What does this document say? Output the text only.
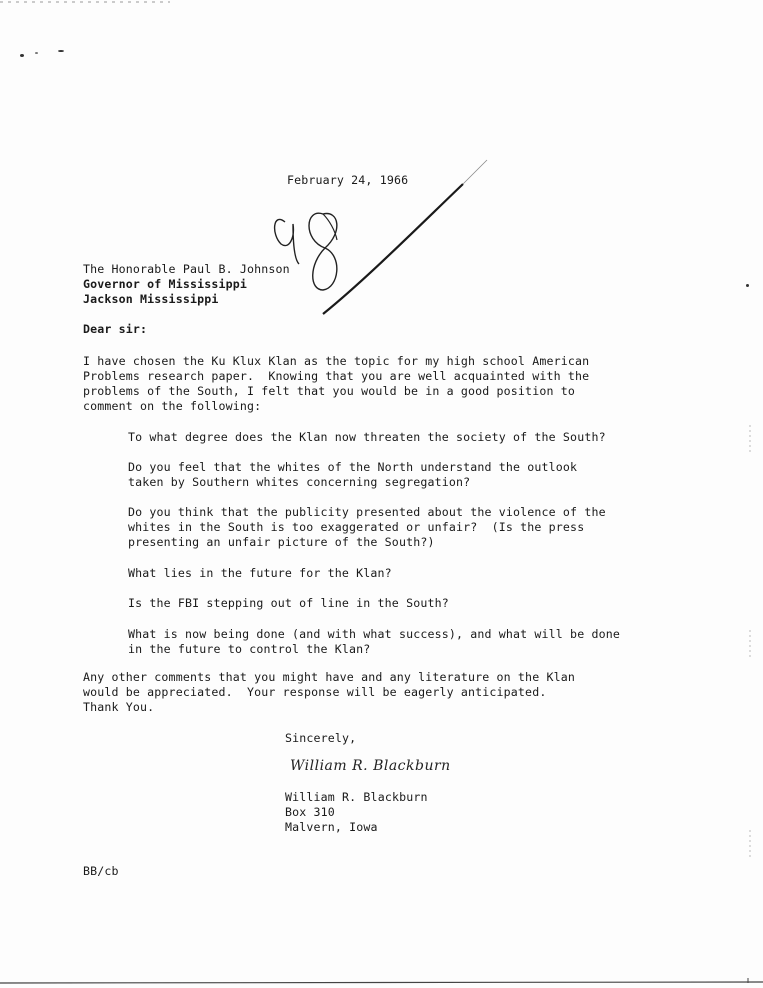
February 24, 1966
The Honorable Paul B. Johnson
Governor of Mississippi
Jackson Mississippi
Dear sir:
I have chosen the Ku Klux Klan as the topic for my high school American
Problems research paper.  Knowing that you are well acquainted with the
problems of the South, I felt that you would be in a good position to
comment on the following:
To what degree does the Klan now threaten the society of the South?
Do you feel that the whites of the North understand the outlook
taken by Southern whites concerning segregation?
Do you think that the publicity presented about the violence of the
whites in the South is too exaggerated or unfair?  (Is the press
presenting an unfair picture of the South?)
What lies in the future for the Klan?
Is the FBI stepping out of line in the South?
What is now being done (and with what success), and what will be done
in the future to control the Klan?
Any other comments that you might have and any literature on the Klan
would be appreciated.  Your response will be eagerly anticipated.
Thank You.
Sincerely,
William R. Blackburn
William R. Blackburn
Box 310
Malvern, Iowa
BB/cb
